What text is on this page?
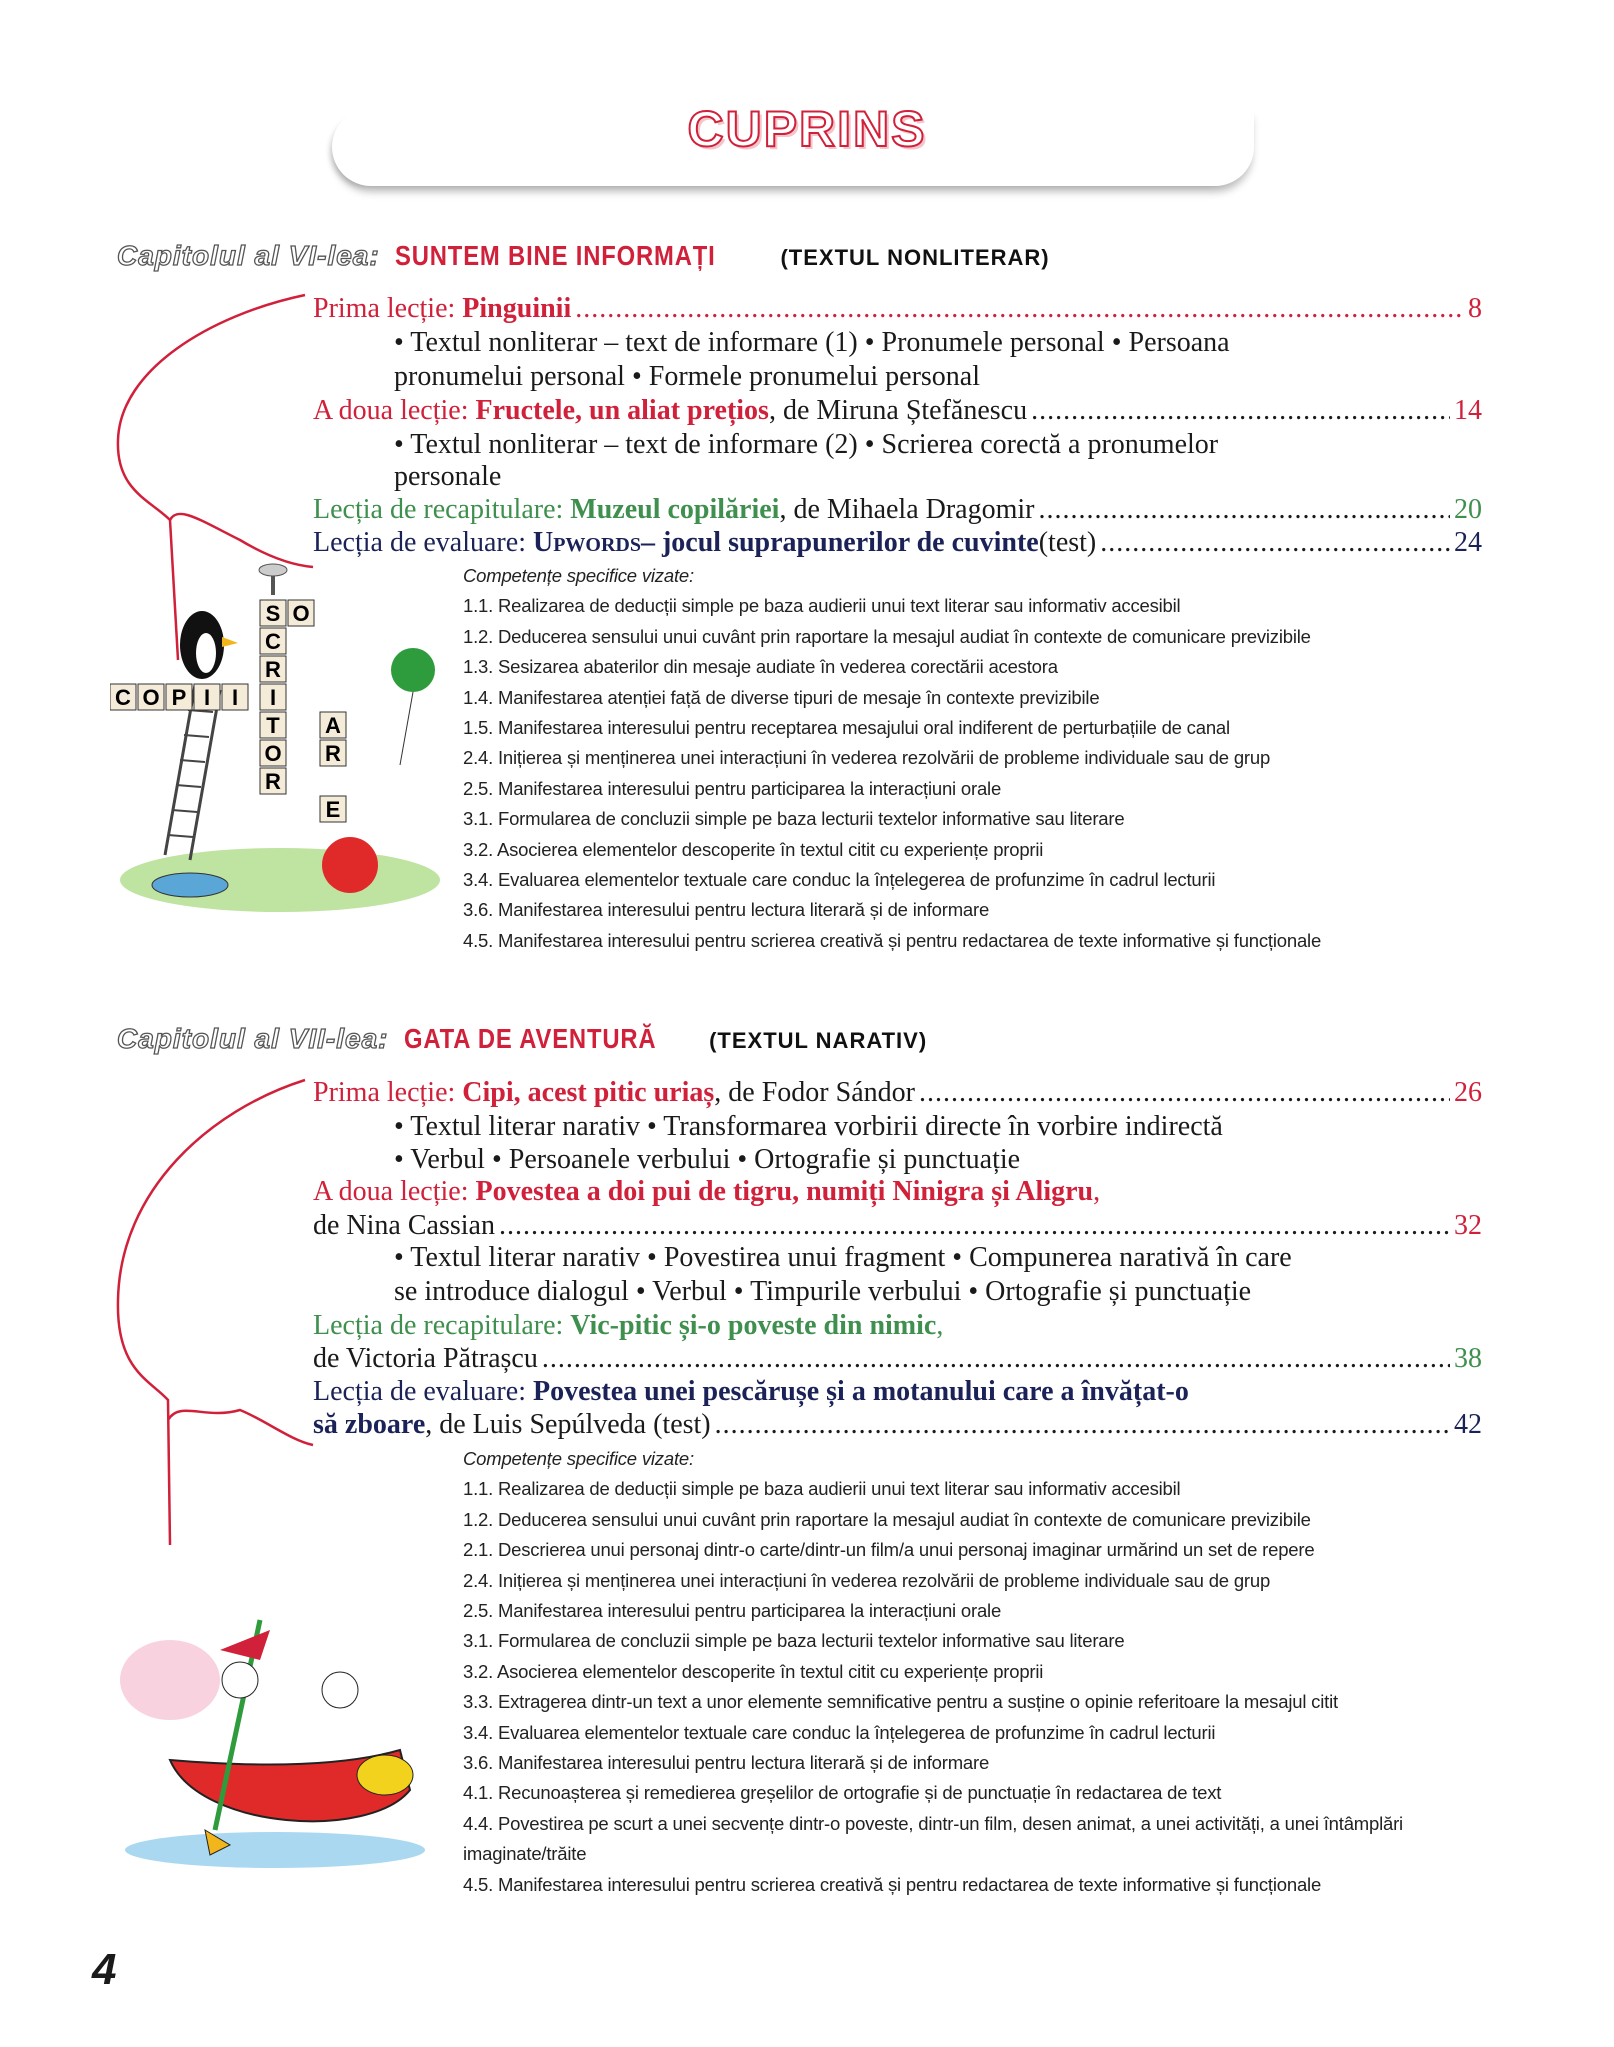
CUPRINS
Capitolul al VI-lea: SUNTEM BINE INFORMAȚI	(TEXTUL NONLITERAR)
Prima lecție:
Pinguinii .....	8
• Textul nonliterar – text de informare (1) • Pronumele personal • Persoana
pronumelui personal • Formele pronumelui personal
A doua lecție:
Fructele, un aliat prețios , de Miruna Ștefănescu .....	14
• Textul nonliterar – text de informare (2) • Scrierea corectă a pronumelor
personale
Lecția de recapitulare:
Muzeul copilăriei , de Mihaela Dragomir .....	20
Lecția de evaluare:
Upwords – jocul suprapunerilor de cuvinte (test) .....	24
Competențe specifice vizate:
1.1. Realizarea de deducții simple pe baza audierii unui text literar sau informativ accesibil
1.2. Deducerea sensului unui cuvânt prin raportare la mesajul audiat în contexte de comunicare previzibile
1.3. Sesizarea abaterilor din mesaje audiate în vederea corectării acestora
1.4. Manifestarea atenției față de diverse tipuri de mesaje în contexte previzibile
1.5. Manifestarea interesului pentru receptarea mesajului oral indiferent de perturbațiile de canal
2.4. Inițierea și menținerea unei interacțiuni în vederea rezolvării de probleme individuale sau de grup
2.5. Manifestarea interesului pentru participarea la interacțiuni orale
3.1. Formularea de concluzii simple pe baza lecturii textelor informative sau literare
3.2. Asocierea elementelor descoperite în textul citit cu experiențe proprii
3.4. Evaluarea elementelor textuale care conduc la înțelegerea de profunzime în cadrul lecturii
3.6. Manifestarea interesului pentru lectura literară și de informare
4.5. Manifestarea interesului pentru scrierea creativă și pentru redactarea de texte informative și funcționale
S O
C
R
I
T
O
R
C O P I I
A
R
E
Capitolul al VII-lea: GATA DE AVENTURĂ (TEXTUL NARATIV)
Prima lecție:
Cipi, acest pitic uriaș , de Fodor Sándor .....	26
• Textul literar narativ • Transformarea vorbirii directe în vorbire indirectă
• Verbul • Persoanele verbului • Ortografie și punctuație
A doua lecție:
Povestea a doi pui de tigru, numiți Ninigra și Aligru ,
de Nina Cassian .....	32
• Textul literar narativ • Povestirea unui fragment • Compunerea narativă în care
se introduce dialogul • Verbul • Timpurile verbului • Ortografie și punctuație
Lecția de recapitulare:
Vic-pitic și-o poveste din nimic ,
de Victoria Pătrașcu .....	38
Lecția de evaluare:
Povestea unei pescărușe și a motanului care a învățat-o
să zboare , de Luis Sepúlveda (test) .....	42
Competențe specifice vizate:
1.1. Realizarea de deducții simple pe baza audierii unui text literar sau informativ accesibil
1.2. Deducerea sensului unui cuvânt prin raportare la mesajul audiat în contexte de comunicare previzibile
2.1. Descrierea unui personaj dintr-o carte/dintr-un film/a unui personaj imaginar urmărind un set de repere
2.4. Inițierea și menținerea unei interacțiuni în vederea rezolvării de probleme individuale sau de grup
2.5. Manifestarea interesului pentru participarea la interacțiuni orale
3.1. Formularea de concluzii simple pe baza lecturii textelor informative sau literare
3.2. Asocierea elementelor descoperite în textul citit cu experiențe proprii
3.3. Extragerea dintr-un text a unor elemente semnificative pentru a susține o opinie referitoare la mesajul citit
3.4. Evaluarea elementelor textuale care conduc la înțelegerea de profunzime în cadrul lecturii
3.6. Manifestarea interesului pentru lectura literară și de informare
4.1. Recunoașterea și remedierea greșelilor de ortografie și de punctuație în redactarea de text
4.4. Povestirea pe scurt a unei secvențe dintr-o poveste, dintr-un film, desen animat, a unei activități, a unei întâmplări imaginate/trăite
4.5. Manifestarea interesului pentru scrierea creativă și pentru redactarea de texte informative și funcționale
4
